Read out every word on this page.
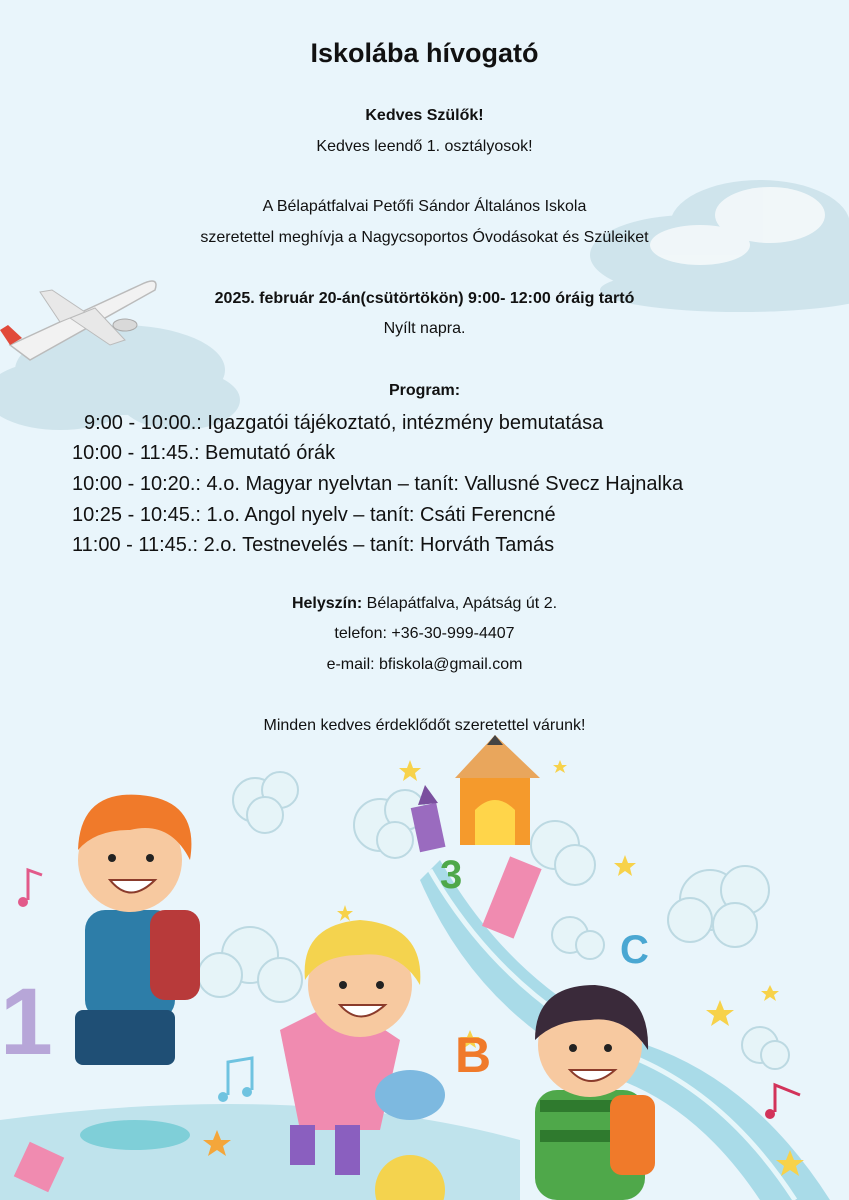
1
3
C
B
Iskolába hívogató
Kedves Szülők!
Kedves leendő 1. osztályosok!
A Bélapátfalvai Petőfi Sándor Általános Iskola
szeretettel meghívja a Nagycsoportos Óvodásokat és Szüleiket
2025. február 20-án(csütörtökön) 9:00- 12:00 óráig tartó
Nyílt napra.
Program:
9:00 - 10:00.: Igazgatói tájékoztató, intézmény bemutatása
10:00 - 11:45.: Bemutató órák
10:00 - 10:20.: 4.o. Magyar nyelvtan – tanít: Vallusné Svecz Hajnalka
10:25 - 10:45.: 1.o. Angol nyelv – tanít: Csáti Ferencné
11:00 - 11:45.: 2.o. Testnevelés – tanít: Horváth Tamás
Helyszín: Bélapátfalva, Apátság út 2.
telefon: +36-30-999-4407
e-mail: bfiskola@gmail.com
Minden kedves érdeklődőt szeretettel várunk!
